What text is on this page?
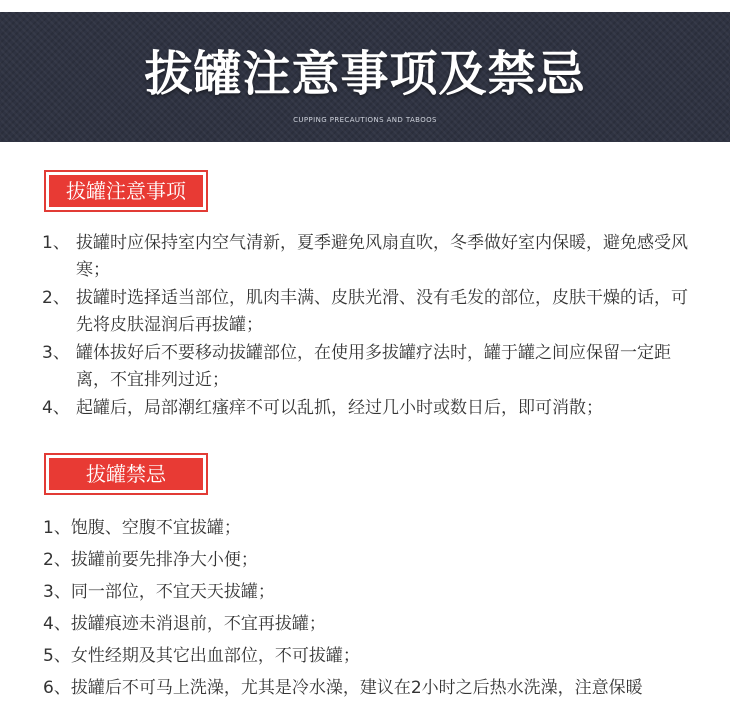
拔罐注意事项及禁忌
CUPPING PRECAUTIONS AND TABOOS
拔罐注意事项
1、 拔罐时应保持室内空气清新，夏季避免风扇直吹，冬季做好室内保暖，避免感受风寒；
2、 拔罐时选择适当部位，肌肉丰满、皮肤光滑、没有毛发的部位，皮肤干燥的话，可先将皮肤湿润后再拔罐；
3、 罐体拔好后不要移动拔罐部位，在使用多拔罐疗法时，罐于罐之间应保留一定距离，不宜排列过近；
4、 起罐后，局部潮红瘙痒不可以乱抓，经过几小时或数日后，即可消散；
拔罐禁忌
1、饱腹、空腹不宜拔罐；
2、拔罐前要先排净大小便；
3、同一部位，不宜天天拔罐；
4、拔罐痕迹未消退前，不宜再拔罐；
5、女性经期及其它出血部位，不可拔罐；
6、拔罐后不可马上洗澡，尤其是冷水澡，建议在2小时之后热水洗澡，注意保暖
